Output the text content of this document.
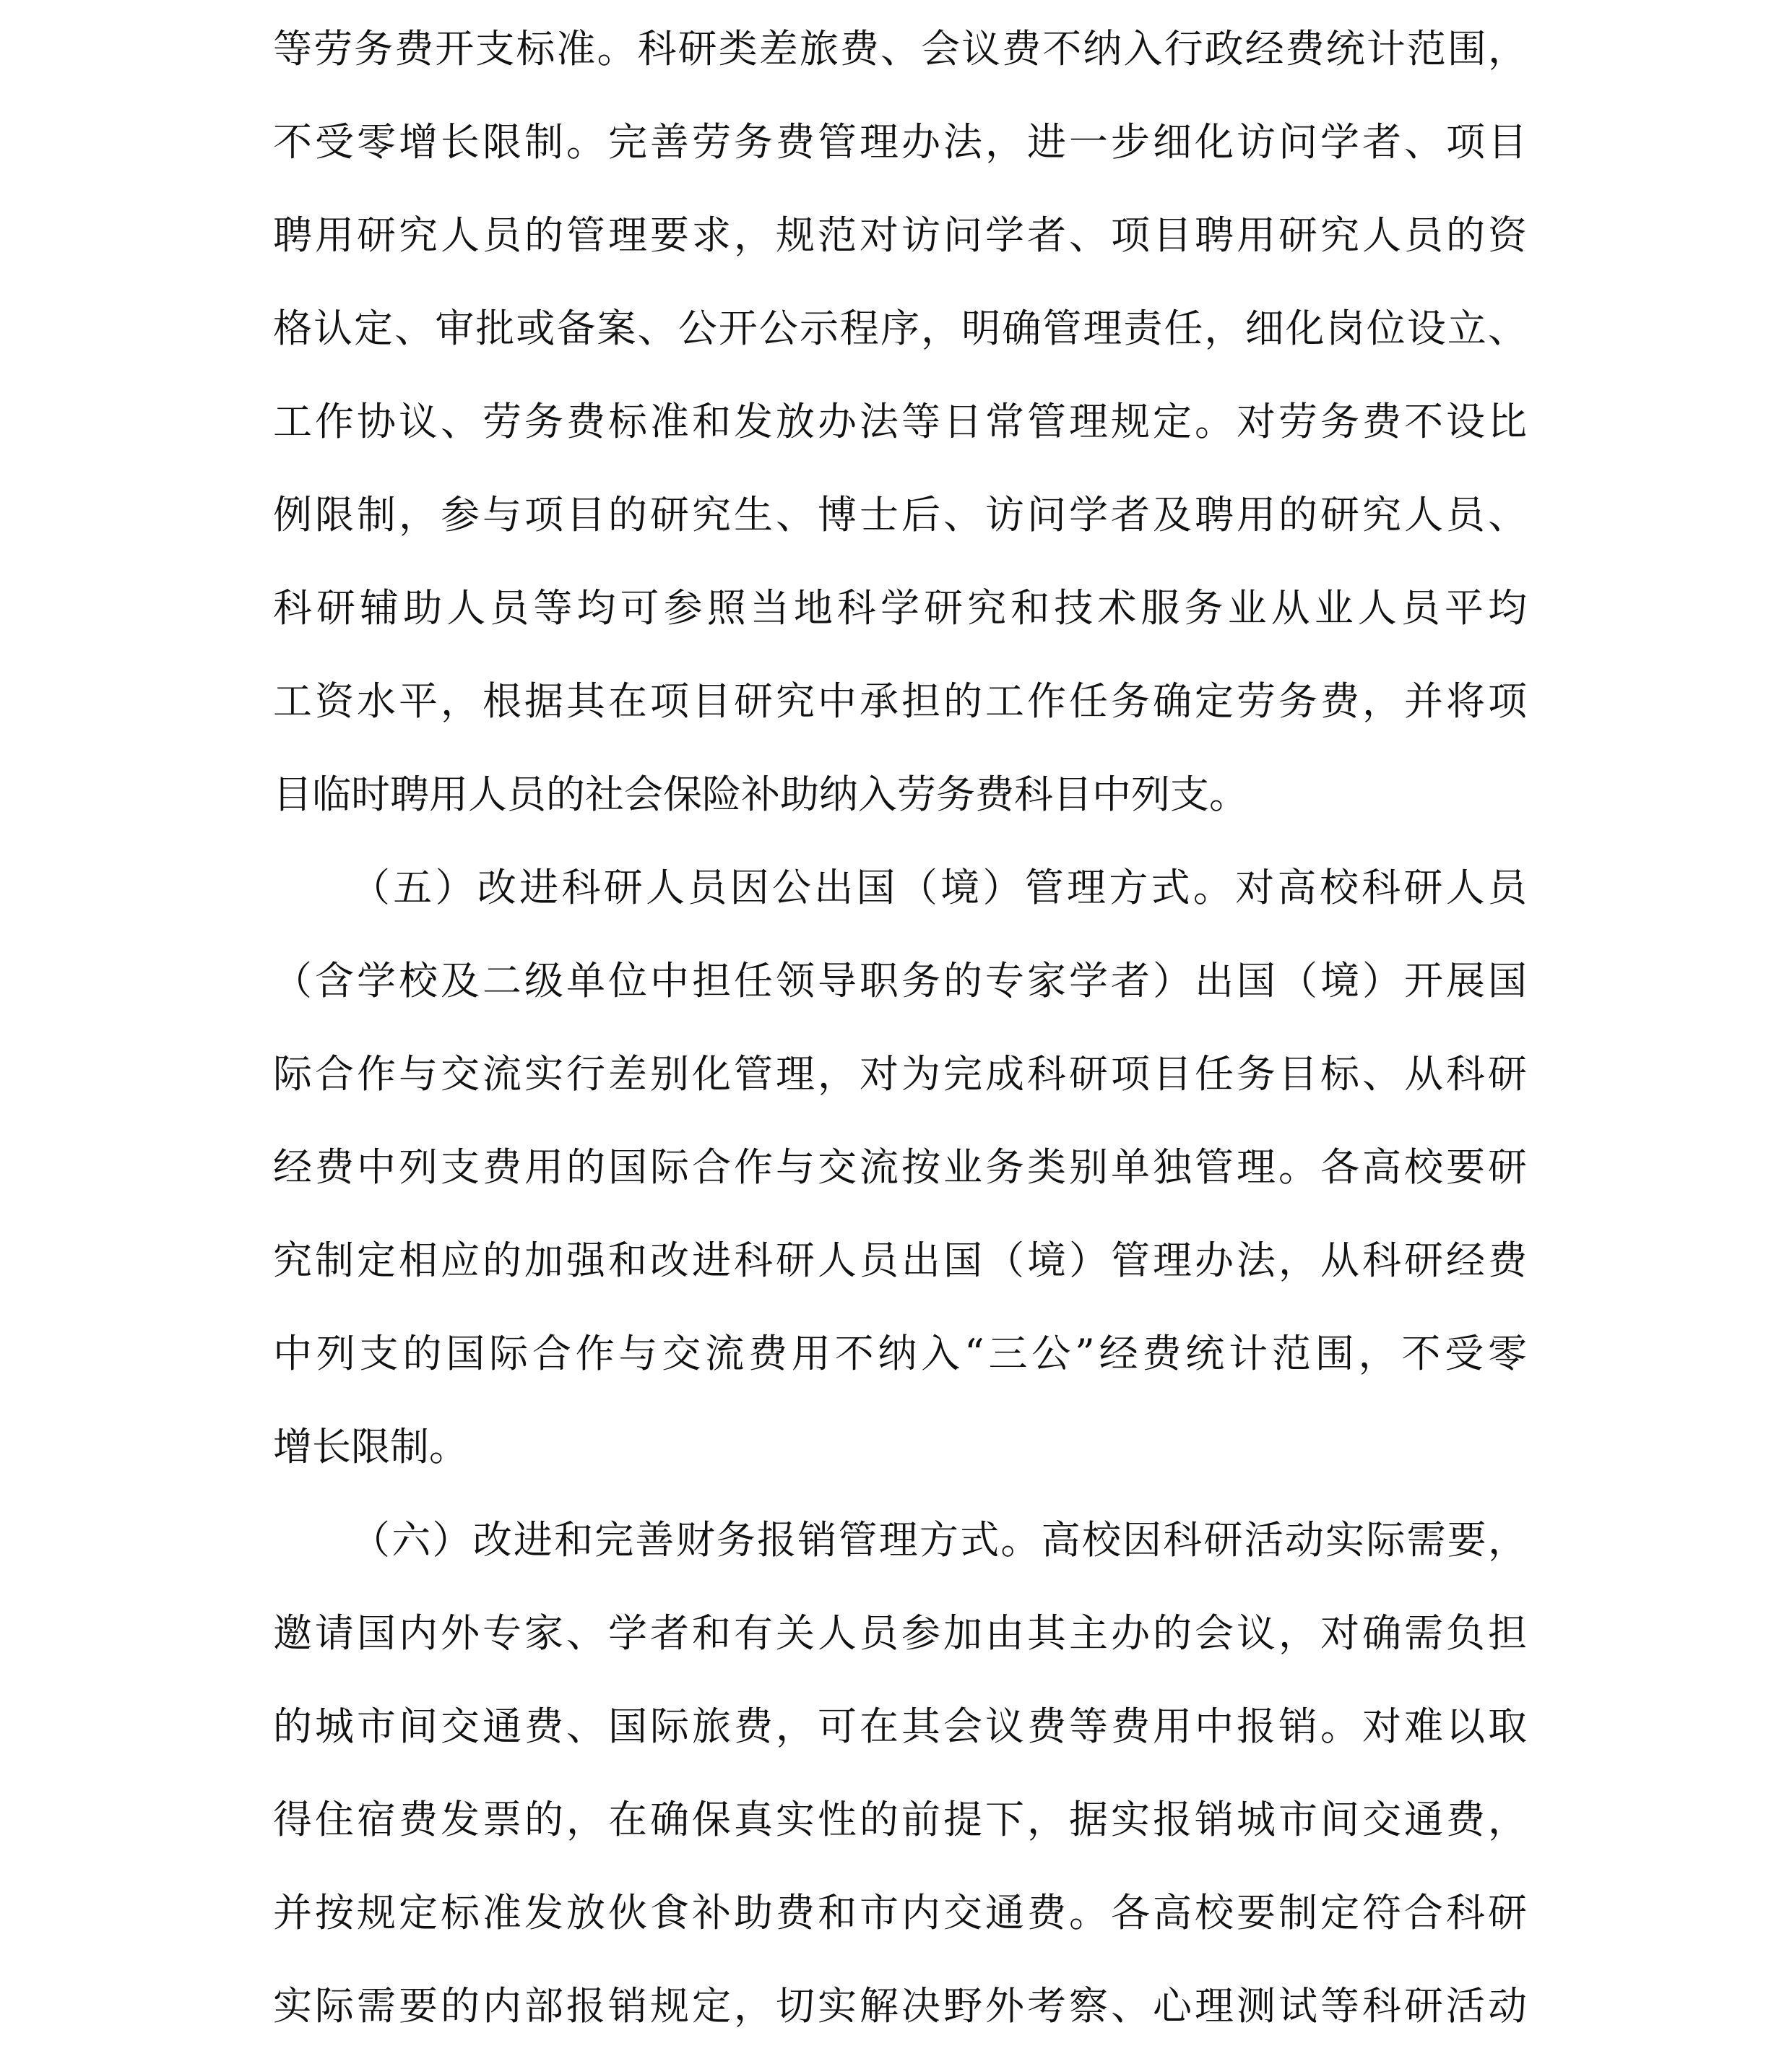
等劳务费开支标准。科研类差旅费、会议费不纳入行政经费统计范围，
不受零增长限制。完善劳务费管理办法，进一步细化访问学者、项目
聘用研究人员的管理要求，规范对访问学者、项目聘用研究人员的资
格认定、审批或备案、公开公示程序，明确管理责任，细化岗位设立、
工作协议、劳务费标准和发放办法等日常管理规定。对劳务费不设比
例限制，参与项目的研究生、博士后、访问学者及聘用的研究人员、
科研辅助人员等均可参照当地科学研究和技术服务业从业人员平均
工资水平，根据其在项目研究中承担的工作任务确定劳务费，并将项
目临时聘用人员的社会保险补助纳入劳务费科目中列支。
（五）改进科研人员因公出国（境）管理方式。对高校科研人员
（含学校及二级单位中担任领导职务的专家学者）出国（境）开展国
际合作与交流实行差别化管理，对为完成科研项目任务目标、从科研
经费中列支费用的国际合作与交流按业务类别单独管理。各高校要研
究制定相应的加强和改进科研人员出国（境）管理办法，从科研经费
中列支的国际合作与交流费用不纳入“三公”经费统计范围，不受零
增长限制。
（六）改进和完善财务报销管理方式。高校因科研活动实际需要，
邀请国内外专家、学者和有关人员参加由其主办的会议，对确需负担
的城市间交通费、国际旅费，可在其会议费等费用中报销。对难以取
得住宿费发票的，在确保真实性的前提下，据实报销城市间交通费，
并按规定标准发放伙食补助费和市内交通费。各高校要制定符合科研
实际需要的内部报销规定，切实解决野外考察、心理测试等科研活动
